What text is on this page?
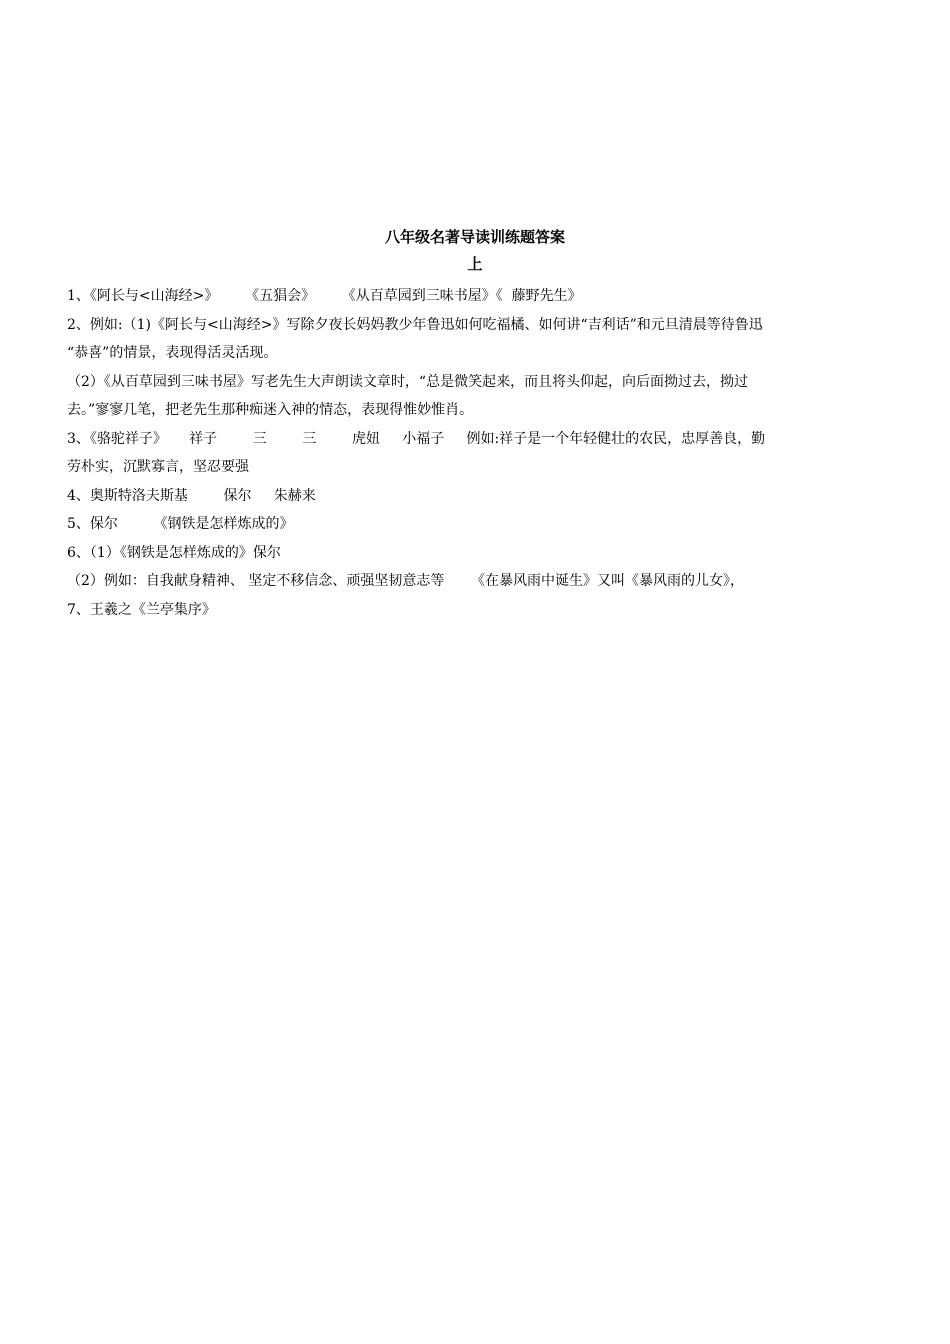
八年级名著导读训练题答案
上
1、《阿长与<山海经>》      《五猖会》      《从百草园到三味书屋》《  藤野先生》
2、例如:（1)《阿长与<山海经>》写除夕夜长妈妈教少年鲁迅如何吃福橘、如何讲“吉利话”和元旦清晨等待鲁迅
“恭喜”的情景，表现得活灵活现。
（2）《从百草园到三味书屋》写老先生大声朗读文章时，“总是微笑起来，而且将头仰起，向后面拗过去，拗过
去。”寥寥几笔，把老先生那种痴迷入神的情态，表现得惟妙惟肖。
3、《骆驼祥子》     祥子        三        三        虎妞     小福子     例如:祥子是一个年轻健壮的农民，忠厚善良，勤
劳朴实，沉默寡言，坚忍要强
4、奥斯特洛夫斯基        保尔     朱赫来
5、保尔        《钢铁是怎样炼成的》
6、（1）《钢铁是怎样炼成的》保尔
（2）例如：自我献身精神、 坚定不移信念、顽强坚韧意志等      《在暴风雨中诞生》又叫《暴风雨的儿女》，
7、王羲之《兰亭集序》
